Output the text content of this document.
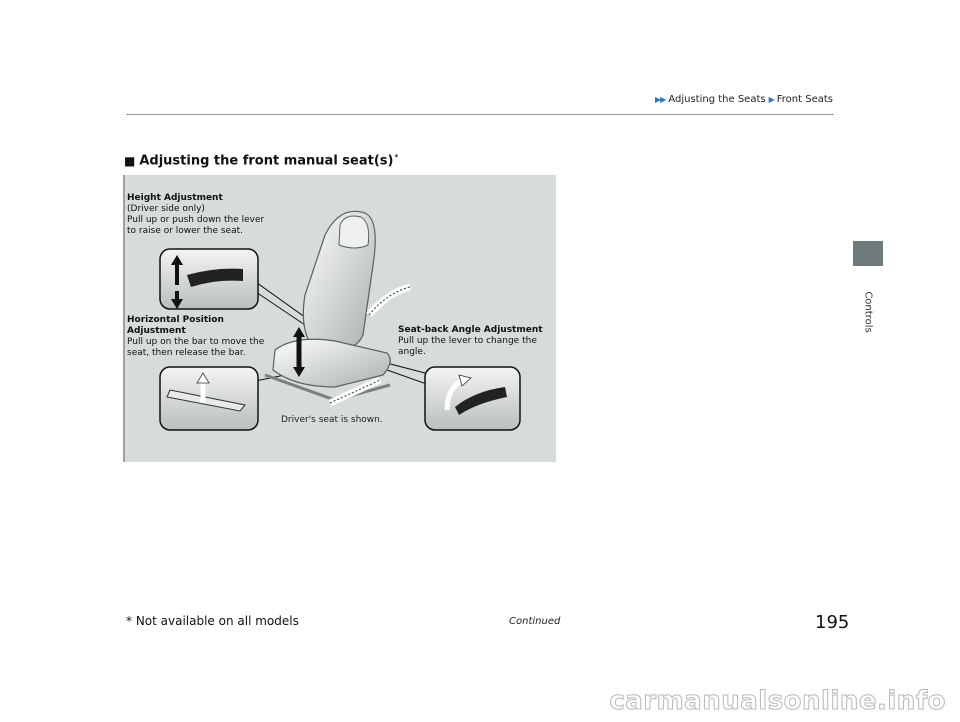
▶▶ Adjusting the Seats ▶ Front Seats
Controls
■ Adjusting the front manual seat(s)*
Height Adjustment
(Driver side only)
Pull up or push down the lever
to raise or lower the seat.
Horizontal Position
Adjustment
Pull up on the bar to move the
seat, then release the bar.
Seat-back Angle Adjustment
Pull up the lever to change the
angle.
Driver's seat is shown.
Continued	195
* Not available on all models
carmanualsonline.info
